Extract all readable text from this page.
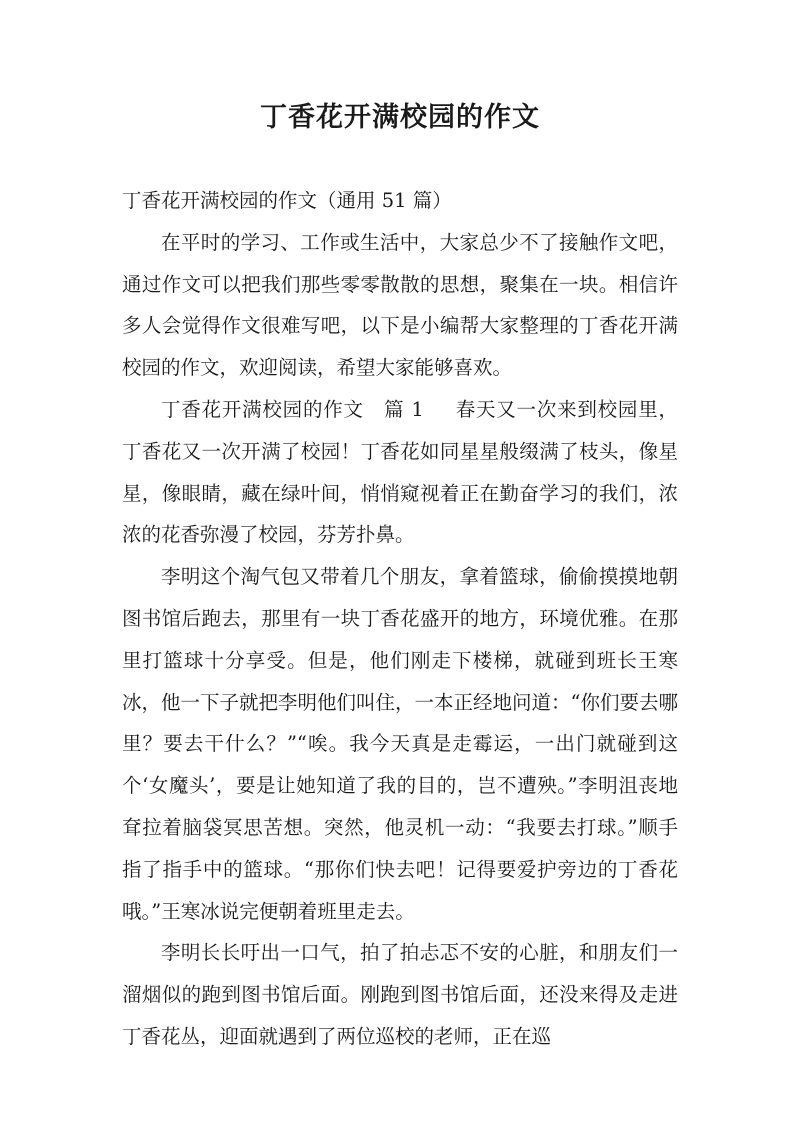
丁香花开满校园的作文

丁香花开满校园的作文（通用 51 篇）

在平时的学习、工作或生活中，大家总少不了接触作文吧，通过作文可以把我们那些零零散散的思想，聚集在一块。相信许多人会觉得作文很难写吧，以下是小编帮大家整理的丁香花开满校园的作文，欢迎阅读，希望大家能够喜欢。

丁香花开满校园的作文　篇 1 春天又一次来到校园里，丁香花又一次开满了校园！丁香花如同星星般缀满了枝头，像星星，像眼睛，藏在绿叶间，悄悄窥视着正在勤奋学习的我们，浓浓的花香弥漫了校园，芬芳扑鼻。

李明这个淘气包又带着几个朋友，拿着篮球，偷偷摸摸地朝图书馆后跑去，那里有一块丁香花盛开的地方，环境优雅。在那里打篮球十分享受。但是，他们刚走下楼梯，就碰到班长王寒冰，他一下子就把李明他们叫住，一本正经地问道：“你们要去哪里？要去干什么？”“唉。我今天真是走霉运，一出门就碰到这个‘女魔头’，要是让她知道了我的目的，岂不遭殃。”李明沮丧地耷拉着脑袋冥思苦想。突然，他灵机一动：“我要去打球。”顺手指了指手中的篮球。“那你们快去吧！记得要爱护旁边的丁香花哦。”王寒冰说完便朝着班里走去。

李明长长吁出一口气，拍了拍忐忑不安的心脏，和朋友们一溜烟似的跑到图书馆后面。刚跑到图书馆后面，还没来得及走进丁香花丛，迎面就遇到了两位巡校的老师，正在巡
